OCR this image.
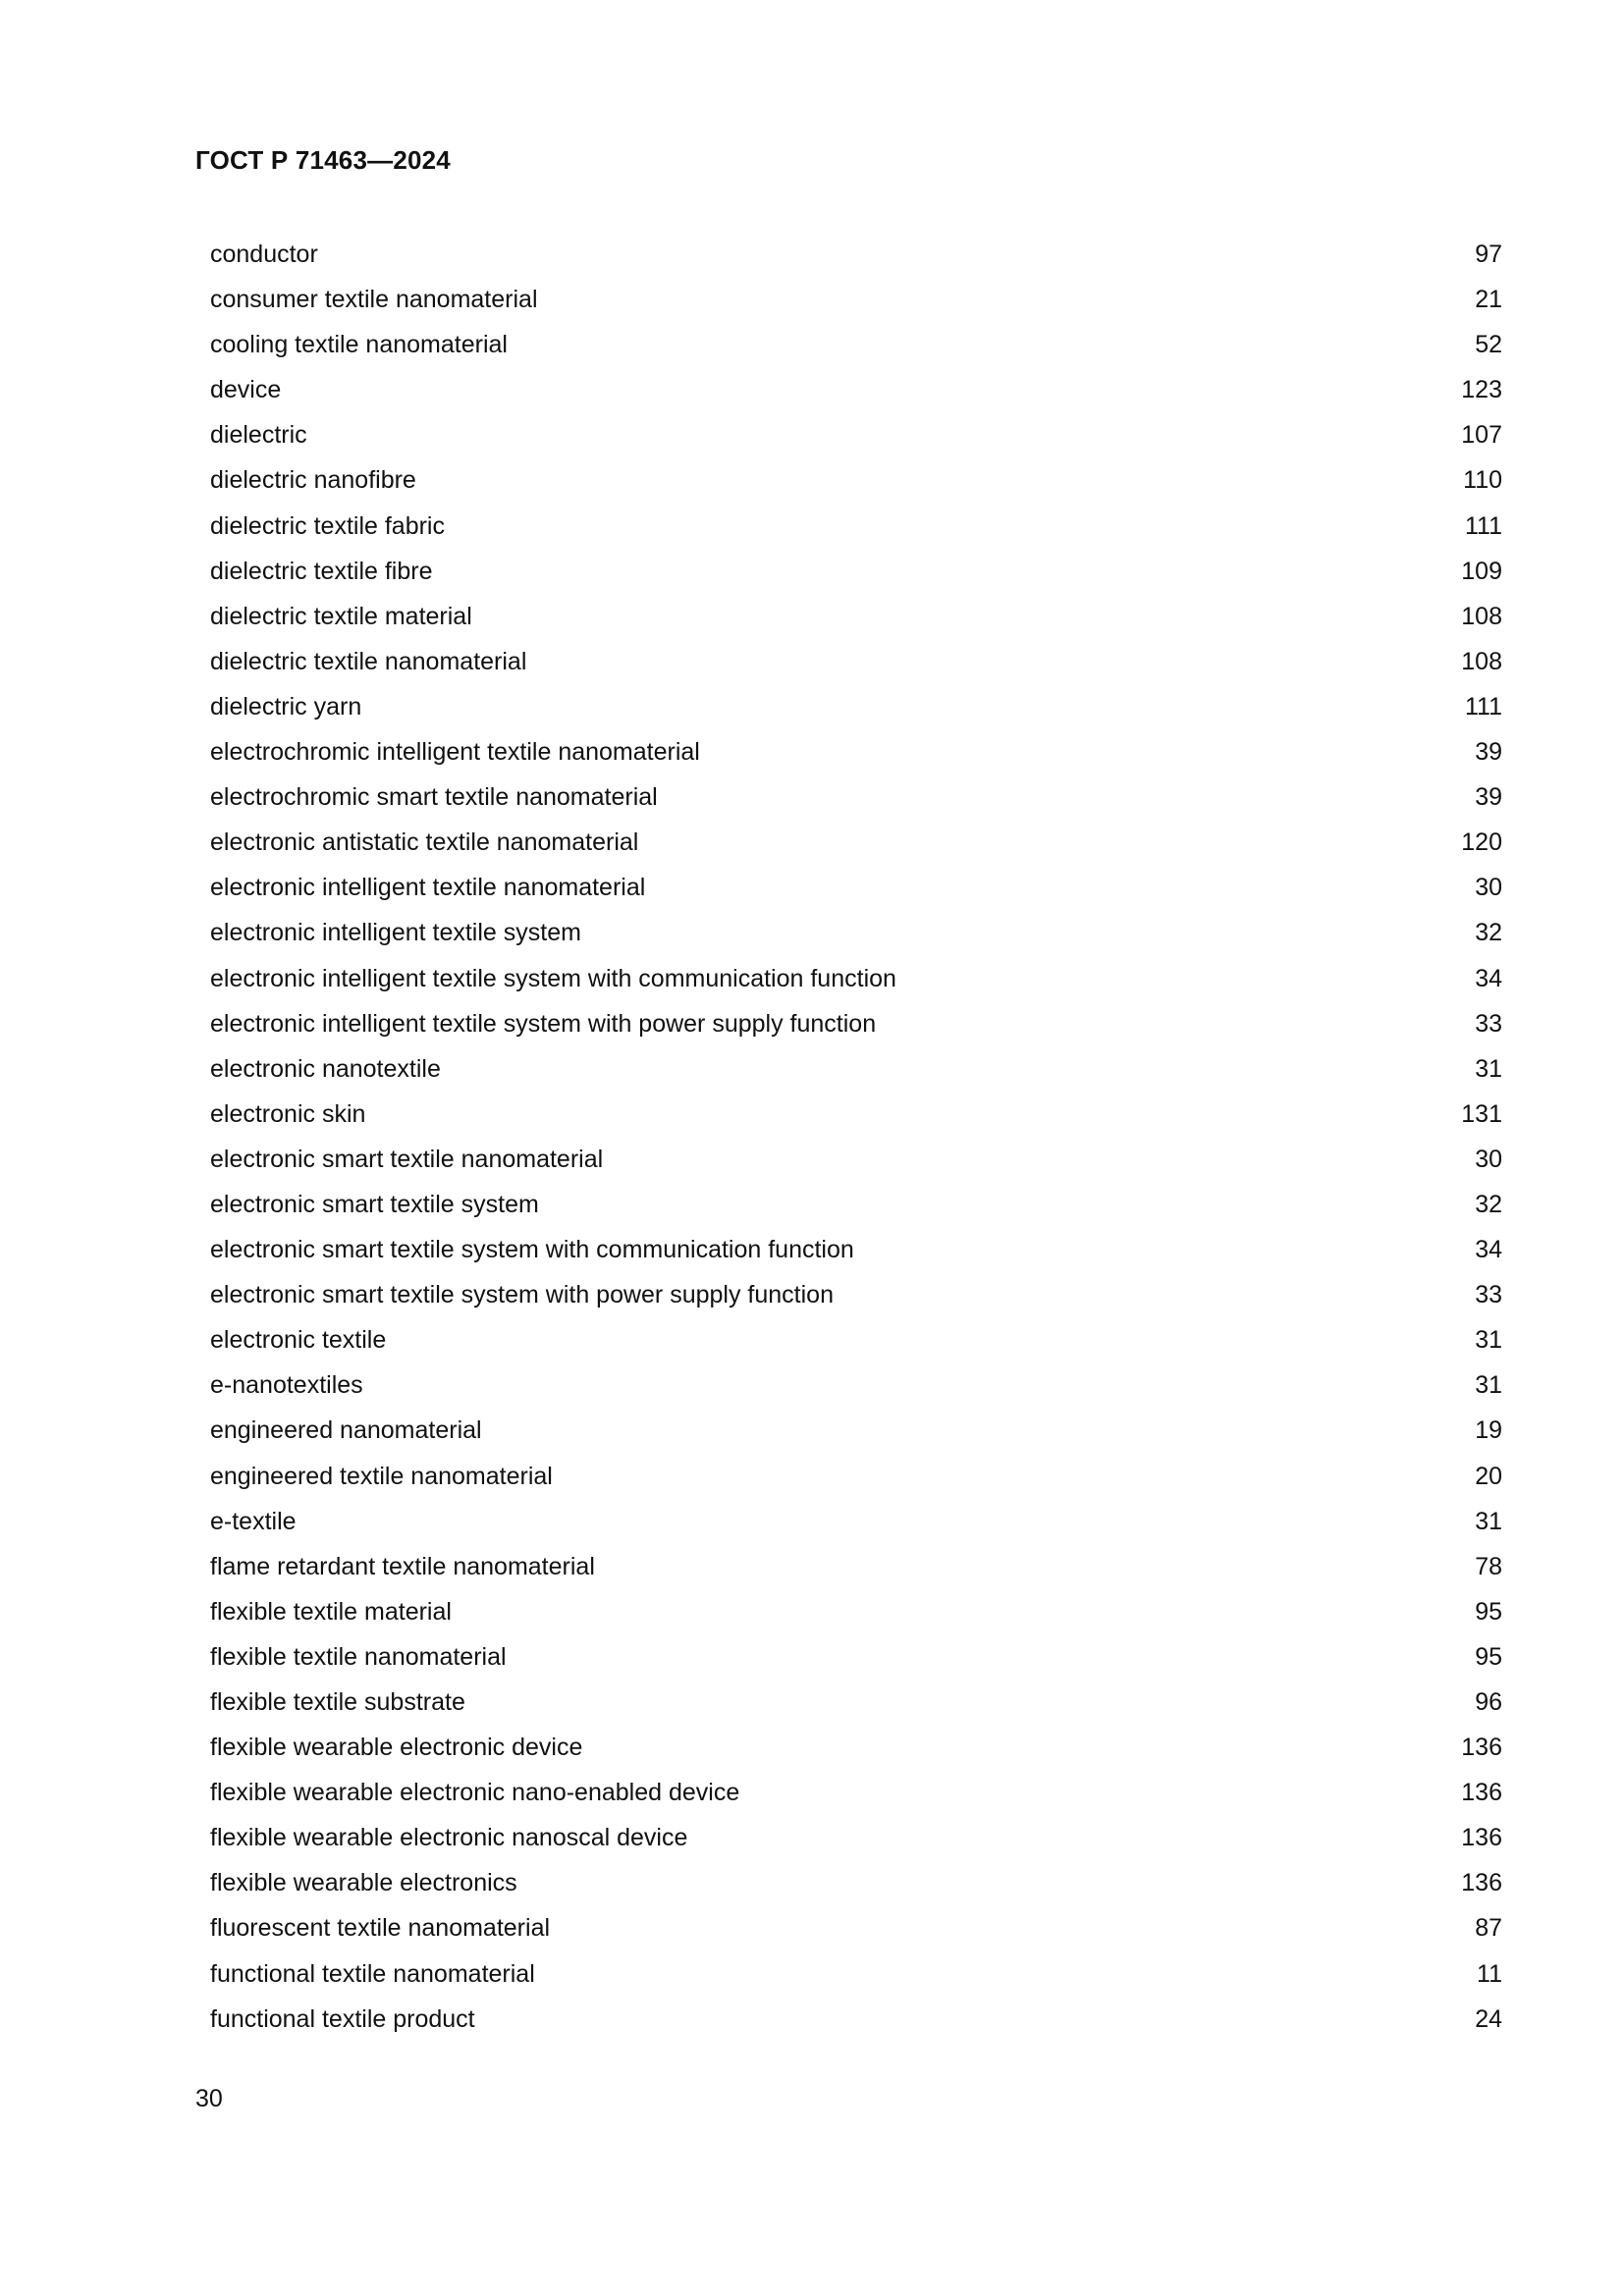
ГОСТ Р 71463—2024
conductor	97
consumer textile nanomaterial	21
cooling textile nanomaterial	52
device	123
dielectric	107
dielectric nanofibre	110
dielectric textile fabric	111
dielectric textile fibre	109
dielectric textile material	108
dielectric textile nanomaterial	108
dielectric yarn	111
electrochromic intelligent textile nanomaterial	39
electrochromic smart textile nanomaterial	39
electronic antistatic textile nanomaterial	120
electronic intelligent textile nanomaterial	30
electronic intelligent textile system	32
electronic intelligent textile system with communication function	34
electronic intelligent textile system with power supply function	33
electronic nanotextile	31
electronic skin	131
electronic smart textile nanomaterial	30
electronic smart textile system	32
electronic smart textile system with communication function	34
electronic smart textile system with power supply function	33
electronic textile	31
e-nanotextiles	31
engineered nanomaterial	19
engineered textile nanomaterial	20
e-textile	31
flame retardant textile nanomaterial	78
flexible textile material	95
flexible textile nanomaterial	95
flexible textile substrate	96
flexible wearable electronic device	136
flexible wearable electronic nano-enabled device	136
flexible wearable electronic nanoscal device	136
flexible wearable electronics	136
fluorescent textile nanomaterial	87
functional textile nanomaterial	11
functional textile product	24

30
